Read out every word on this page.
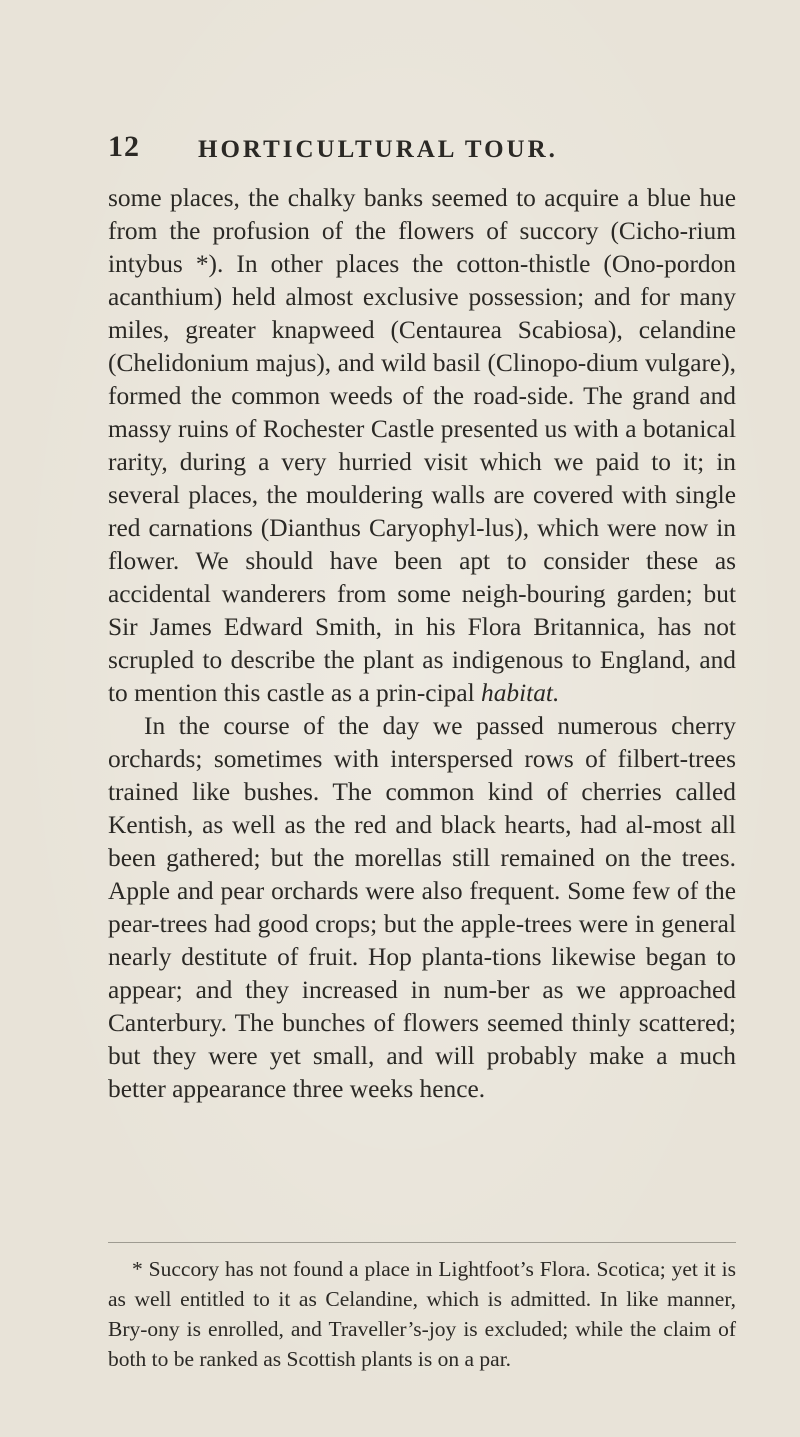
12 HORTICULTURAL TOUR.

some places, the chalky banks seemed to acquire a blue hue from the profusion of the flowers of succory (Cicho-rium intybus *). In other places the cotton-thistle (Ono-pordon acanthium) held almost exclusive possession; and for many miles, greater knapweed (Centaurea Scabiosa), celandine (Chelidonium majus), and wild basil (Clinopo-dium vulgare), formed the common weeds of the road-side. The grand and massy ruins of Rochester Castle presented us with a botanical rarity, during a very hurried visit which we paid to it; in several places, the mouldering walls are covered with single red carnations (Dianthus Caryophyl-lus), which were now in flower. We should have been apt to consider these as accidental wanderers from some neigh-bouring garden; but Sir James Edward Smith, in his Flora Britannica, has not scrupled to describe the plant as indigenous to England, and to mention this castle as a prin-cipal habitat.

In the course of the day we passed numerous cherry orchards; sometimes with interspersed rows of filbert-trees trained like bushes. The common kind of cherries called Kentish, as well as the red and black hearts, had al-most all been gathered; but the morellas still remained on the trees. Apple and pear orchards were also frequent. Some few of the pear-trees had good crops; but the apple-trees were in general nearly destitute of fruit. Hop planta-tions likewise began to appear; and they increased in num-ber as we approached Canterbury. The bunches of flowers seemed thinly scattered; but they were yet small, and will probably make a much better appearance three weeks hence.

* Succory has not found a place in Lightfoot’s Flora. Scotica; yet it is as well entitled to it as Celandine, which is admitted. In like manner, Bry-ony is enrolled, and Traveller’s-joy is excluded; while the claim of both to be ranked as Scottish plants is on a par.
